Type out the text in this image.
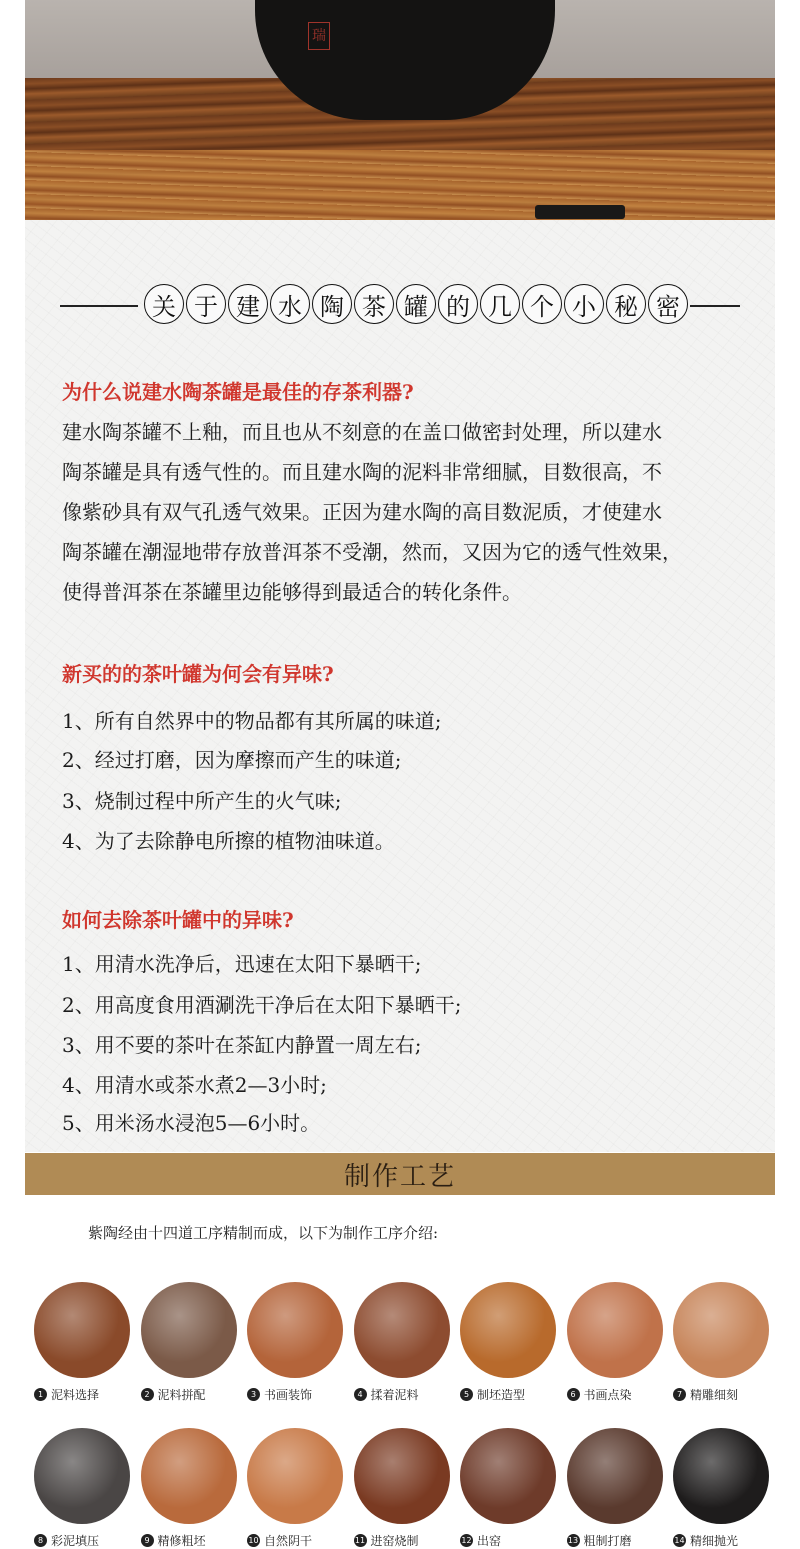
瑞
关 于 建 水 陶 茶 罐 的 几 个 小 秘 密
为什么说建水陶茶罐是最佳的存茶利器?
建水陶茶罐不上釉，而且也从不刻意的在盖口做密封处理，所以建水
陶茶罐是具有透气性的。而且建水陶的泥料非常细腻，目数很高，不
像紫砂具有双气孔透气效果。正因为建水陶的高目数泥质，才使建水
陶茶罐在潮湿地带存放普洱茶不受潮，然而，又因为它的透气性效果，
使得普洱茶在茶罐里边能够得到最适合的转化条件。
新买的的茶叶罐为何会有异味?
1、所有自然界中的物品都有其所属的味道;
2、经过打磨，因为摩擦而产生的味道;
3、烧制过程中所产生的火气味;
4、为了去除静电所擦的植物油味道。
如何去除茶叶罐中的异味?
1、用清水洗净后，迅速在太阳下暴晒干;
2、用高度食用酒涮洗干净后在太阳下暴晒干;
3、用不要的茶叶在茶缸内静置一周左右;
4、用清水或茶水煮2—3小时;
5、用米汤水浸泡5—6小时。
制作工艺
紫陶经由十四道工序精制而成，以下为制作工序介绍:
1 泥料选择	2 泥料拼配	3 书画装饰	4 揉着泥料	5 制坯造型	6 书画点染	7 精雕细刻
8 彩泥填压	9 精修粗坯	10 自然阴干	11 进窑烧制	12 出窑	13 粗制打磨	14 精细抛光
